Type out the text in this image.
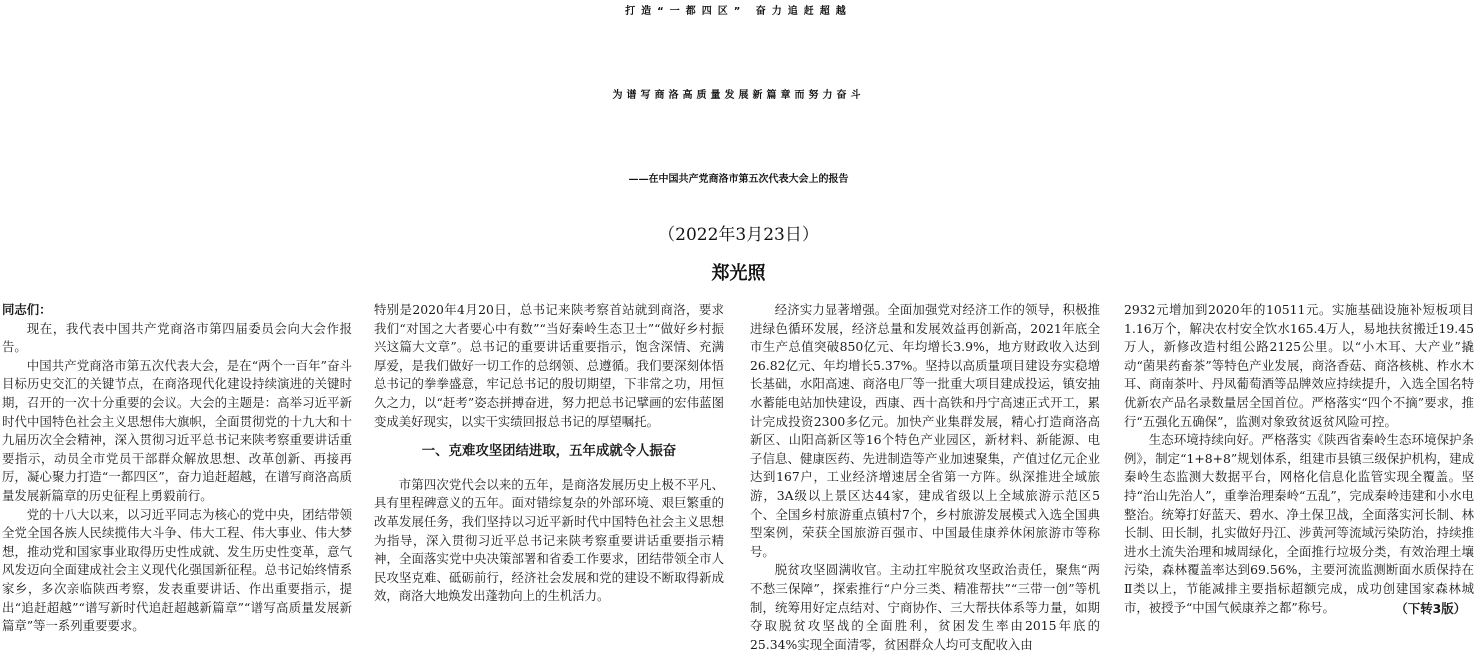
打造“一都四区” 奋力追赶超越
为谱写商洛高质量发展新篇章而努力奋斗
——在中国共产党商洛市第五次代表大会上的报告
（2022年3月23日）
郑光照

同志们：

现在，我代表中国共产党商洛市第四届委员会向大会作报告。

中国共产党商洛市第五次代表大会，是在“两个一百年”奋斗目标历史交汇的关键节点，在商洛现代化建设持续演进的关键时期，召开的一次十分重要的会议。大会的主题是：高举习近平新时代中国特色社会主义思想伟大旗帜，全面贯彻党的十九大和十九届历次全会精神，深入贯彻习近平总书记来陕考察重要讲话重要指示，动员全市党员干部群众解放思想、改革创新、再接再厉，凝心聚力打造“一都四区”，奋力追赶超越，在谱写商洛高质量发展新篇章的历史征程上勇毅前行。

党的十八大以来，以习近平同志为核心的党中央，团结带领全党全国各族人民续揽伟大斗争、伟大工程、伟大事业、伟大梦想，推动党和国家事业取得历史性成就、发生历史性变革，意气风发迈向全面建成社会主义现代化强国新征程。总书记始终情系家乡，多次亲临陕西考察，发表重要讲话、作出重要指示，提出“追赶超越”“谱写新时代追赶超越新篇章”“谱写高质量发展新篇章”等一系列重要要求。

特别是2020年4月20日，总书记来陕考察首站就到商洛，要求我们“对国之大者要心中有数”“当好秦岭生态卫士”“做好乡村振兴这篇大文章”。总书记的重要讲话重要指示，饱含深情、充满厚爱，是我们做好一切工作的总纲领、总遵循。我们要深刻体悟总书记的拳拳盛意，牢记总书记的殷切期望，下非常之功，用恒久之力，以“赶考”姿态拼搏奋进，努力把总书记擘画的宏伟蓝图变成美好现实，以实干实绩回报总书记的厚望嘱托。

一、克难攻坚团结进取，五年成就令人振奋

市第四次党代会以来的五年，是商洛发展历史上极不平凡、具有里程碑意义的五年。面对错综复杂的外部环境、艰巨繁重的改革发展任务，我们坚持以习近平新时代中国特色社会主义思想为指导，深入贯彻习近平总书记来陕考察重要讲话重要指示精神，全面落实党中央决策部署和省委工作要求，团结带领全市人民攻坚克难、砥砺前行，经济社会发展和党的建设不断取得新成效，商洛大地焕发出蓬勃向上的生机活力。

经济实力显著增强。全面加强党对经济工作的领导，积极推进绿色循环发展，经济总量和发展效益再创新高，2021年底全市生产总值突破850亿元、年均增长3.9%，地方财政收入达到26.82亿元、年均增长5.37%。坚持以高质量项目建设夯实稳增长基础，水阳高速、商洛电厂等一批重大项目建成投运，镇安抽水蓄能电站加快建设，西康、西十高铁和丹宁高速正式开工，累计完成投资2300多亿元。加快产业集群发展，精心打造商洛高新区、山阳高新区等16个特色产业园区，新材料、新能源、电子信息、健康医药、先进制造等产业加速聚集，产值过亿元企业达到167户，工业经济增速居全省第一方阵。纵深推进全域旅游，3A级以上景区达44家，建成省级以上全域旅游示范区5个、全国乡村旅游重点镇村7个，乡村旅游发展模式入选全国典型案例，荣获全国旅游百强市、中国最佳康养休闲旅游市等称号。

脱贫攻坚圆满收官。主动扛牢脱贫攻坚政治责任，聚焦“两不愁三保障”，探索推行“户分三类、精准帮扶”“三带一创”等机制，统筹用好定点结对、宁商协作、三大帮扶体系等力量，如期夺取脱贫攻坚战的全面胜利，贫困发生率由2015年底的25.34%实现全面清零，贫困群众人均可支配收入由

2932元增加到2020年的10511元。实施基础设施补短板项目1.16万个，解决农村安全饮水165.4万人，易地扶贫搬迁19.45万人，新修改造村组公路2125公里。以“小木耳、大产业”撬动“菌果药畜茶”等特色产业发展，商洛香菇、商洛核桃、柞水木耳、商南茶叶、丹凤葡萄酒等品牌效应持续提升，入选全国名特优新农产品名录数量居全国首位。严格落实“四个不摘”要求，推行“五强化五确保”，监测对象致贫返贫风险可控。

生态环境持续向好。严格落实《陕西省秦岭生态环境保护条例》，制定“1+8+8”规划体系，组建市县镇三级保护机构，建成秦岭生态监测大数据平台，网格化信息化监管实现全覆盖。坚持“治山先治人”，重拳治理秦岭“五乱”，完成秦岭违建和小水电整治。统筹打好蓝天、碧水、净土保卫战，全面落实河长制、林长制、田长制，扎实做好丹江、涉黄河等流域污染防治，持续推进水土流失治理和城周绿化，全面推行垃圾分类，有效治理土壤污染，森林覆盖率达到69.56%，主要河流监测断面水质保持在Ⅱ类以上，节能减排主要指标超额完成，成功创建国家森林城市，被授予“中国气候康养之都”称号。	（下转3版）
